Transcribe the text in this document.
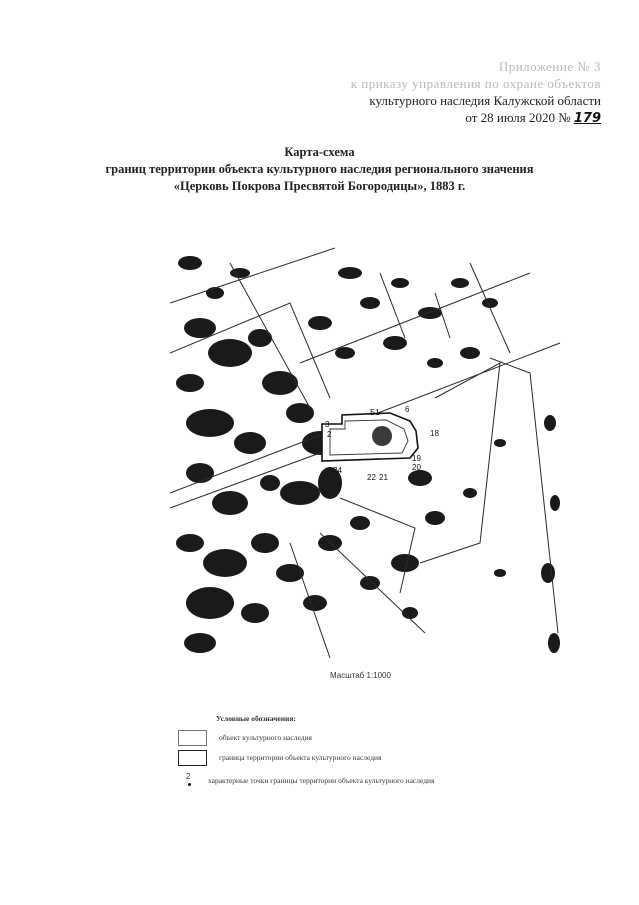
Приложение № 3
к приказу управления по охране объектов
культурного наследия Калужской области
от 28 июля 2020 № 179
Карта-схема
границ территории объекта культурного наследия регионального значения
«Церковь Покрова Пресвятой Богородицы», 1883 г.
Б1
3
2
6
18
19
20
21
22
24
Масштаб 1:1000
Условные обозначения:
объект культурного наследия
граница территории объекта культурного наследия
2 характерные точки границы территории объекта культурного наследия
